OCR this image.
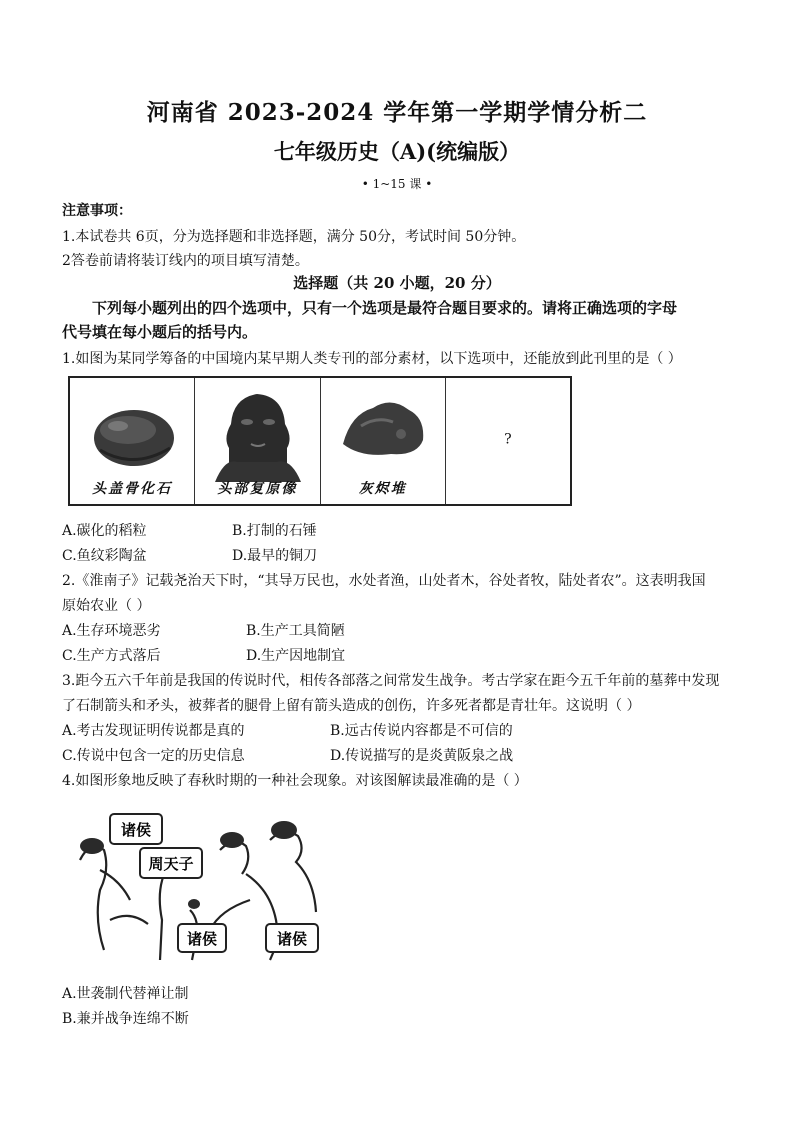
河南省 2023-2024 学年第一学期学情分析二
七年级历史（A)(统编版）
• 1~15 课 •
注意事项：
1.本试卷共 6页，分为选择题和非选择题，满分 50分，考试时间 50分钟。
2答卷前请将装订线内的项目填写清楚。
选择题（共 20 小题，20 分）
下列每小题列出的四个选项中，只有一个选项是最符合题目要求的。请将正确选项的字母
代号填在每小题后的括号内。
1.如图为某同学筹备的中国境内某早期人类专刊的部分素材，以下选项中，还能放到此刊里的是（ ）
头盖骨化石	头部复原像	灰烬堆
?
A.碳化的稻粒	B.打制的石锤
C.鱼纹彩陶盆	D.最早的铜刀
2.《淮南子》记载尧治天下时，“其导万民也，水处者渔，山处者木，谷处者牧，陆处者农”。这表明我国
原始农业（ ）
A.生存环境恶劣	B.生产工具简陋
C.生产方式落后	D.生产因地制宜
3.距今五六千年前是我国的传说时代，相传各部落之间常发生战争。考古学家在距今五千年前的墓葬中发现
了石制箭头和矛头，被葬者的腿骨上留有箭头造成的创伤，许多死者都是青壮年。这说明（ ）
A.考古发现证明传说都是真的	B.远古传说内容都是不可信的
C.传说中包含一定的历史信息	D.传说描写的是炎黄阪泉之战
4.如图形象地反映了春秋时期的一种社会现象。对该图解读最准确的是（ ）
诸侯
周天子
诸侯	诸侯
A.世袭制代替禅让制
B.兼并战争连绵不断
